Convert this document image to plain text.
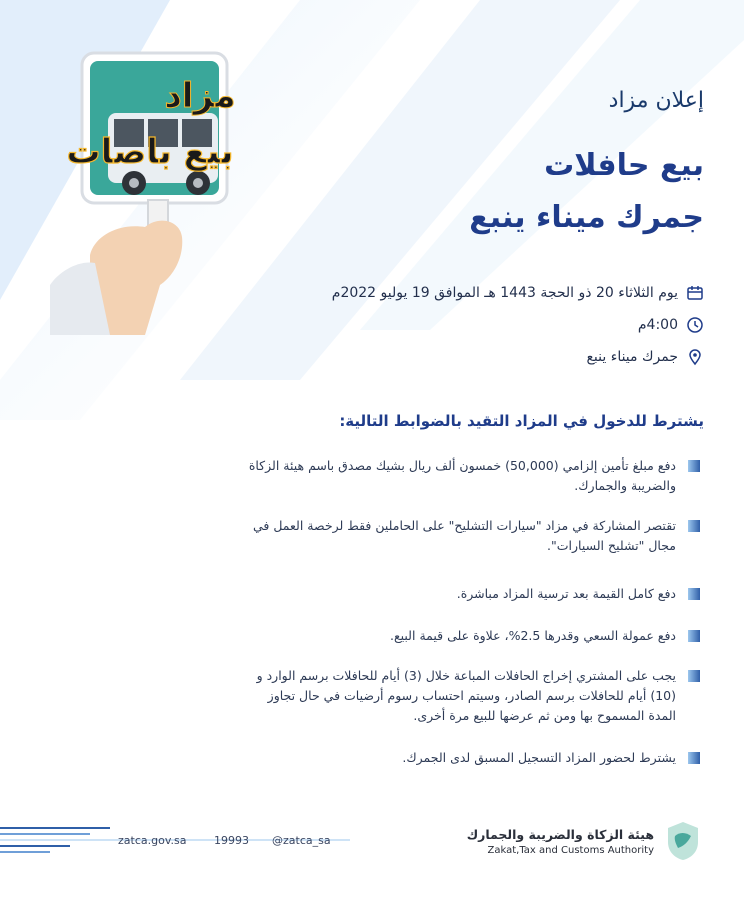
مزاد
بيع باصات
إعلان مزاد
بيع حافلات
جمرك ميناء ينبع
يوم الثلاثاء 20 ذو الحجة 1443 هـ الموافق 19 يوليو 2022م
4:00م
جمرك ميناء ينبع
يشترط للدخول في المزاد التقيد بالضوابط التالية:
دفع مبلغ تأمين إلزامي (50,000) خمسون ألف ريال بشيك مصدق باسم هيئة الزكاة والضريبة والجمارك.
تقتصر المشاركة في مزاد "سيارات التشليح" على الحاملين فقط لرخصة العمل في مجال "تشليح السيارات".
دفع كامل القيمة بعد ترسية المزاد مباشرة.
دفع عمولة السعي وقدرها 2.5%، علاوة على قيمة البيع.
يجب على المشتري إخراج الحافلات المباعة خلال (3) أيام للحافلات برسم الوارد و (10) أيام للحافلات برسم الصادر، وسيتم احتساب رسوم أرضيات في حال تجاوز المدة المسموح بها ومن ثم عرضها للبيع مرة أخرى.
يشترط لحضور المزاد التسجيل المسبق لدى الجمرك.
zatca.gov.sa	19993 @zatca_sa	هيئة الزكاة والضريبة والجمارك
Zakat,Tax and Customs Authority
